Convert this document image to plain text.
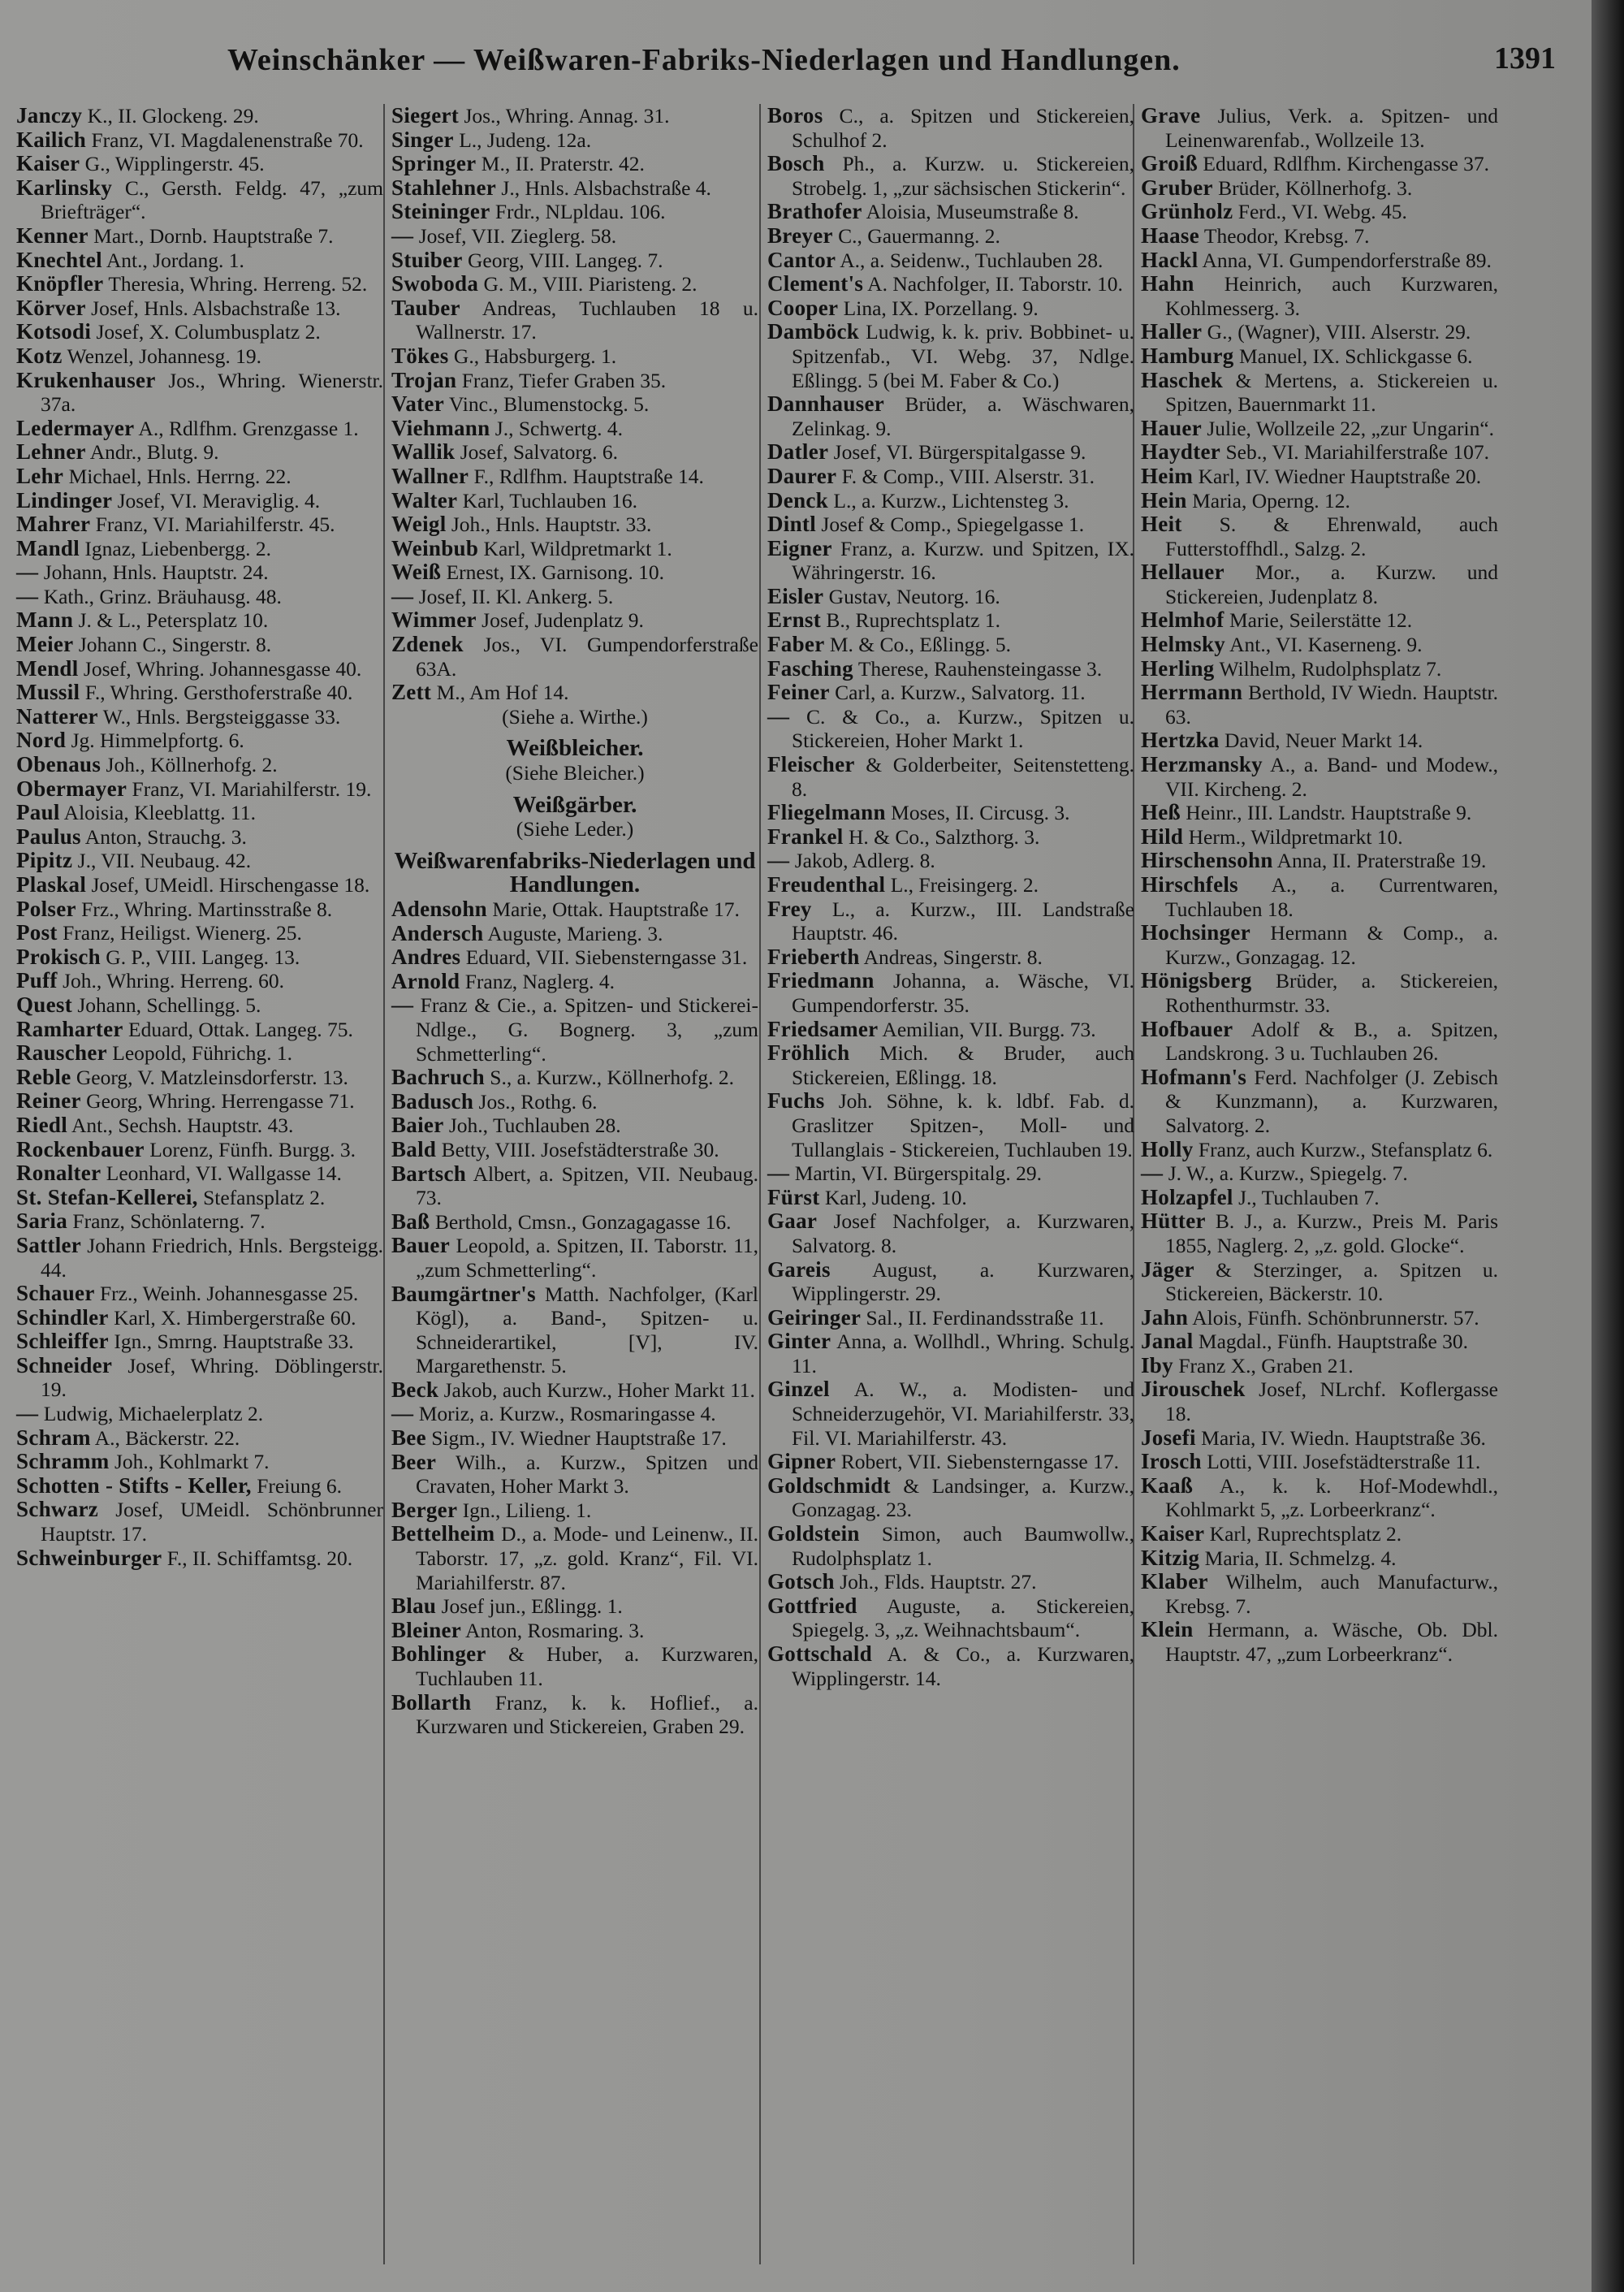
Weinschänker — Weißwaren-Fabriks-Niederlagen und Handlungen.	1391
Janczy K., II. Glockeng. 29.
Kailich Franz, VI. Magdalenenstraße 70.
Kaiser G., Wipplingerstr. 45.
Karlinsky C., Gersth. Feldg. 47, „zum Briefträger“.
Kenner Mart., Dornb. Hauptstraße 7.
Knechtel Ant., Jordang. 1.
Knöpfler Theresia, Whring. Herreng. 52.
Körver Josef, Hnls. Alsbachstraße 13.
Kotsodi Josef, X. Columbusplatz 2.
Kotz Wenzel, Johannesg. 19.
Krukenhauser Jos., Whring. Wienerstr. 37a.
Ledermayer A., Rdlfhm. Grenzgasse 1.
Lehner Andr., Blutg. 9.
Lehr Michael, Hnls. Herrng. 22.
Lindinger Josef, VI. Meraviglig. 4.
Mahrer Franz, VI. Mariahilferstr. 45.
Mandl Ignaz, Liebenbergg. 2.
— Johann, Hnls. Hauptstr. 24.
— Kath., Grinz. Bräuhausg. 48.
Mann J. & L., Petersplatz 10.
Meier Johann C., Singerstr. 8.
Mendl Josef, Whring. Johannesgasse 40.
Mussil F., Whring. Gersthoferstraße 40.
Natterer W., Hnls. Bergsteiggasse 33.
Nord Jg. Himmelpfortg. 6.
Obenaus Joh., Köllnerhofg. 2.
Obermayer Franz, VI. Mariahilferstr. 19.
Paul Aloisia, Kleeblattg. 11.
Paulus Anton, Strauchg. 3.
Pipitz J., VII. Neubaug. 42.
Plaskal Josef, UMeidl. Hirschengasse 18.
Polser Frz., Whring. Martinsstraße 8.
Post Franz, Heiligst. Wienerg. 25.
Prokisch G. P., VIII. Langeg. 13.
Puff Joh., Whring. Herreng. 60.
Quest Johann, Schellingg. 5.
Ramharter Eduard, Ottak. Langeg. 75.
Rauscher Leopold, Führichg. 1.
Reble Georg, V. Matzleinsdorferstr. 13.
Reiner Georg, Whring. Herrengasse 71.
Riedl Ant., Sechsh. Hauptstr. 43.
Rockenbauer Lorenz, Fünfh. Burgg. 3.
Ronalter Leonhard, VI. Wallgasse 14.
St. Stefan-Kellerei, Stefansplatz 2.
Saria Franz, Schönlaterng. 7.
Sattler Johann Friedrich, Hnls. Bergsteigg. 44.
Schauer Frz., Weinh. Johannesgasse 25.
Schindler Karl, X. Himbergerstraße 60.
Schleiffer Ign., Smrng. Hauptstraße 33.
Schneider Josef, Whring. Döblingerstr. 19.
— Ludwig, Michaelerplatz 2.
Schram A., Bäckerstr. 22.
Schramm Joh., Kohlmarkt 7.
Schotten - Stifts - Keller, Freiung 6.
Schwarz Josef, UMeidl. Schönbrunner Hauptstr. 17.
Schweinburger F., II. Schiffamtsg. 20.
Siegert Jos., Whring. Annag. 31.
Singer L., Judeng. 12a.
Springer M., II. Praterstr. 42.
Stahlehner J., Hnls. Alsbachstraße 4.
Steininger Frdr., NLpldau. 106.
— Josef, VII. Zieglerg. 58.
Stuiber Georg, VIII. Langeg. 7.
Swoboda G. M., VIII. Piaristeng. 2.
Tauber Andreas, Tuchlauben 18 u. Wallnerstr. 17.
Tökes G., Habsburgerg. 1.
Trojan Franz, Tiefer Graben 35.
Vater Vinc., Blumenstockg. 5.
Viehmann J., Schwertg. 4.
Wallik Josef, Salvatorg. 6.
Wallner F., Rdlfhm. Hauptstraße 14.
Walter Karl, Tuchlauben 16.
Weigl Joh., Hnls. Hauptstr. 33.
Weinbub Karl, Wildpretmarkt 1.
Weiß Ernest, IX. Garnisong. 10.
— Josef, II. Kl. Ankerg. 5.
Wimmer Josef, Judenplatz 9.
Zdenek Jos., VI. Gumpendorferstraße 63A.
Zett M., Am Hof 14.
(Siehe a. Wirthe.)
Weißbleicher.
(Siehe Bleicher.)
Weißgärber.
(Siehe Leder.)
Weißwarenfabriks-Niederlagen und Handlungen.
Adensohn Marie, Ottak. Hauptstraße 17.
Andersch Auguste, Marieng. 3.
Andres Eduard, VII. Siebensterngasse 31.
Arnold Franz, Naglerg. 4.
— Franz & Cie., a. Spitzen- und Stickerei-Ndlge., G. Bognerg. 3, „zum Schmetterling“.
Bachruch S., a. Kurzw., Köllnerhofg. 2.
Badusch Jos., Rothg. 6.
Baier Joh., Tuchlauben 28.
Bald Betty, VIII. Josefstädterstraße 30.
Bartsch Albert, a. Spitzen, VII. Neubaug. 73.
Baß Berthold, Cmsn., Gonzagagasse 16.
Bauer Leopold, a. Spitzen, II. Taborstr. 11, „zum Schmetterling“.
Baumgärtner's Matth. Nachfolger, (Karl Kögl), a. Band-, Spitzen- u. Schneiderartikel, [V], IV. Margarethenstr. 5.
Beck Jakob, auch Kurzw., Hoher Markt 11.
— Moriz, a. Kurzw., Rosmaringasse 4.
Bee Sigm., IV. Wiedner Hauptstraße 17.
Beer Wilh., a. Kurzw., Spitzen und Cravaten, Hoher Markt 3.
Berger Ign., Liliеng. 1.
Bettelheim D., a. Mode- und Leinenw., II. Taborstr. 17, „z. gold. Kranz“, Fil. VI. Mariahilferstr. 87.
Blau Josef jun., Eßlingg. 1.
Bleiner Anton, Rosmaring. 3.
Bohlinger & Huber, a. Kurzwaren, Tuchlauben 11.
Bollarth Franz, k. k. Hoflief., a. Kurzwaren und Stickereien, Graben 29.
Boros C., a. Spitzen und Stickereien, Schulhof 2.
Bosch Ph., a. Kurzw. u. Stickereien, Strobelg. 1, „zur sächsischen Stickerin“.
Brathofer Aloisia, Museumstraße 8.
Breyer C., Gauermanng. 2.
Cantor A., a. Seidenw., Tuchlauben 28.
Clement's A. Nachfolger, II. Taborstr. 10.
Cooper Lina, IX. Porzellang. 9.
Damböck Ludwig, k. k. priv. Bobbinet- u. Spitzenfab., VI. Webg. 37, Ndlge. Eßlingg. 5 (bei M. Faber & Co.)
Dannhauser Brüder, a. Wäschwaren, Zelinkag. 9.
Datler Josef, VI. Bürgerspitalgasse 9.
Daurer F. & Comp., VIII. Alserstr. 31.
Denck L., a. Kurzw., Lichtensteg 3.
Dintl Josef & Comp., Spiegelgasse 1.
Eigner Franz, a. Kurzw. und Spitzen, IX. Währingerstr. 16.
Eisler Gustav, Neutorg. 16.
Ernst B., Ruprechtsplatz 1.
Faber M. & Co., Eßlingg. 5.
Fasching Therese, Rauhensteingasse 3.
Feiner Carl, a. Kurzw., Salvatorg. 11.
— C. & Co., a. Kurzw., Spitzen u. Stickereien, Hoher Markt 1.
Fleischer & Golderbeiter, Seitenstetteng. 8.
Fliegelmann Moses, II. Circusg. 3.
Frankel H. & Co., Salzthorg. 3.
— Jakob, Adlerg. 8.
Freudenthal L., Freisingerg. 2.
Frey L., a. Kurzw., III. Landstraße Hauptstr. 46.
Frieberth Andreas, Singerstr. 8.
Friedmann Johanna, a. Wäsche, VI. Gumpendorferstr. 35.
Friedsamer Aemilian, VII. Burgg. 73.
Fröhlich Mich. & Bruder, auch Stickereien, Eßlingg. 18.
Fuchs Joh. Söhne, k. k. ldbf. Fab. d. Graslitzer Spitzen-, Moll- und Tullanglais - Stickereien, Tuchlauben 19.
— Martin, VI. Bürgerspitalg. 29.
Fürst Karl, Judeng. 10.
Gaar Josef Nachfolger, a. Kurzwaren, Salvatorg. 8.
Gareis August, a. Kurzwaren, Wipplingerstr. 29.
Geiringer Sal., II. Ferdinandsstraße 11.
Ginter Anna, a. Wollhdl., Whring. Schulg. 11.
Ginzel A. W., a. Modisten- und Schneiderzugehör, VI. Mariahilferstr. 33, Fil. VI. Mariahilferstr. 43.
Gipner Robert, VII. Siebensterngasse 17.
Goldschmidt & Landsinger, a. Kurzw., Gonzagag. 23.
Goldstein Simon, auch Baumwollw., Rudolphsplatz 1.
Gotsch Joh., Flds. Hauptstr. 27.
Gottfried Auguste, a. Stickereien, Spiegelg. 3, „z. Weihnachtsbaum“.
Gottschald A. & Co., a. Kurzwaren, Wipplingerstr. 14.
Grave Julius, Verk. a. Spitzen- und Leinenwarenfab., Wollzeile 13.
Groiß Eduard, Rdlfhm. Kirchengasse 37.
Gruber Brüder, Köllnerhofg. 3.
Grünholz Ferd., VI. Webg. 45.
Haase Theodor, Krebsg. 7.
Hackl Anna, VI. Gumpendorferstraße 89.
Hahn Heinrich, auch Kurzwaren, Kohlmesserg. 3.
Haller G., (Wagner), VIII. Alserstr. 29.
Hamburg Manuel, IX. Schlickgasse 6.
Haschek & Mertens, a. Stickereien u. Spitzen, Bauernmarkt 11.
Hauer Julie, Wollzeile 22, „zur Ungarin“.
Haydter Seb., VI. Mariahilferstraße 107.
Heim Karl, IV. Wiedner Hauptstraße 20.
Hein Maria, Operng. 12.
Heit S. & Ehrenwald, auch Futterstoffhdl., Salzg. 2.
Hellauer Mor., a. Kurzw. und Stickereien, Judenplatz 8.
Helmhof Marie, Seilerstätte 12.
Helmsky Ant., VI. Kaserneng. 9.
Herling Wilhelm, Rudolphsplatz 7.
Herrmann Berthold, IV Wiedn. Hauptstr. 63.
Hertzka David, Neuer Markt 14.
Herzmansky A., a. Band- und Modew., VII. Kircheng. 2.
Heß Heinr., III. Landstr. Hauptstraße 9.
Hild Herm., Wildpretmarkt 10.
Hirschensohn Anna, II. Praterstraße 19.
Hirschfels A., a. Currentwaren, Tuchlauben 18.
Hochsinger Hermann & Comp., a. Kurzw., Gonzagag. 12.
Hönigsberg Brüder, a. Stickereien, Rothenthurmstr. 33.
Hofbauer Adolf & B., a. Spitzen, Landskrong. 3 u. Tuchlauben 26.
Hofmann's Ferd. Nachfolger (J. Zebisch & Kunzmann), a. Kurzwaren, Salvatorg. 2.
Holly Franz, auch Kurzw., Stefansplatz 6.
— J. W., a. Kurzw., Spiegelg. 7.
Holzapfel J., Tuchlauben 7.
Hütter B. J., a. Kurzw., Preis M. Paris 1855, Naglerg. 2, „z. gold. Glocke“.
Jäger & Sterzinger, a. Spitzen u. Stickereien, Bäckerstr. 10.
Jahn Alois, Fünfh. Schönbrunnerstr. 57.
Janal Magdal., Fünfh. Hauptstraße 30.
Iby Franz X., Graben 21.
Jirouschek Josef, NLrchf. Koflergasse 18.
Josefi Maria, IV. Wiedn. Hauptstraße 36.
Irosch Lotti, VIII. Josefstädterstraße 11.
Kaaß A., k. k. Hof-Modewhdl., Kohlmarkt 5, „z. Lorbeerkranz“.
Kaiser Karl, Ruprechtsplatz 2.
Kitzig Maria, II. Schmelzg. 4.
Klaber Wilhelm, auch Manufacturw., Krebsg. 7.
Klein Hermann, a. Wäsche, Ob. Dbl. Hauptstr. 47, „zum Lorbeerkranz“.
